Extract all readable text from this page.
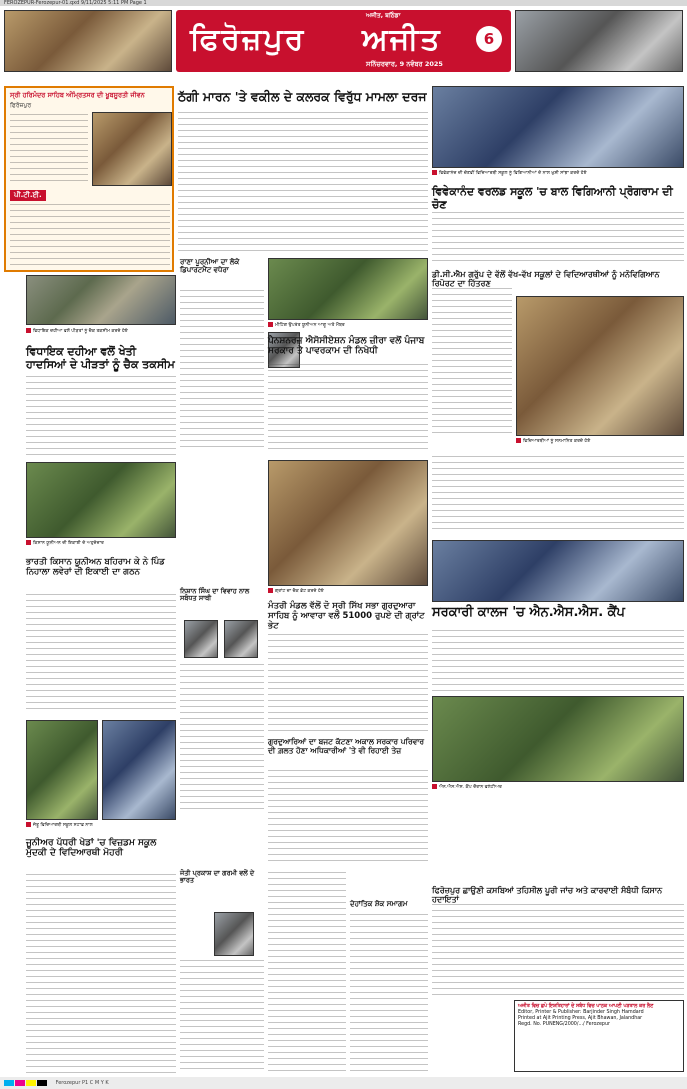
FEROZEPUR-Ferozepur-01.qxd 9/11/2025 5:11 PM Page 1
ਅਜੀਤ, ਬਠਿੰਡਾ
ਫਿਰੋਜ਼ਪੁਰ ਅਜੀਤ
ਸਨਿੱਚਰਵਾਰ, 9 ਨਵੰਬਰ 2025
6
ਸ੍ਰੀ ਹਰਿਮੰਦਰ ਸਾਹਿਬ ਅੰਮ੍ਰਿਤਸਰ ਦੀ ਖੂਬਸੂਰਤੀ ਜੀਵਨ
ਫਿਰੋਜ਼ਪੁਰ
ਪੀ.ਟੀ.ਈ.
ਠੱਗੀ ਮਾਰਨ 'ਤੇ ਵਕੀਲ ਦੇ ਕਲਰਕ ਵਿਰੁੱਧ ਮਾਮਲਾ ਦਰਜ
ਵਿਵੇਕਾਨੰਦ ਦੀ ਚੋਣਵੀਂ ਵਿਦਿਆਰਥੀ ਸਕੂਲ ਨੂੰ ਵਿਗਿਆਨੀਆਂ ਦੇ ਨਾਲ ਖ਼ੁਸ਼ੀ ਸਾਂਝਾ ਕਰਦੇ ਹੋਏ
ਵਿਵੇਕਾਨੰਦ ਵਰਲਡ ਸਕੂਲ 'ਚ ਬਾਲ ਵਿਗਿਆਨੀ ਪ੍ਰੋਗਰਾਮ ਦੀ ਚੋਣ
ਡੀ.ਸੀ.ਐਮ ਗਰੁੱਪ ਦੇ ਵੱਲੋਂ ਵੱਖ-ਵੱਖ ਸਕੂਲਾਂ ਦੇ ਵਿਦਿਆਰਥੀਆਂ ਨੂੰ ਮਨੋਵਿਗਿਆਨ ਰਿਪੋਰਟ ਦਾ ਹਿੱਤਰਣ
ਵਿਦਿਆਰਥੀਆਂ ਨੂੰ ਸਨਮਾਨਿਤ ਕਰਦੇ ਹੋਏ
ਵਿਧਾਇਕ ਦਹੀਆ ਵਲੋਂ ਪੀੜਤਾਂ ਨੂੰ ਚੈਕ ਤਕਸੀਮ ਕਰਦੇ ਹੋਏ
ਵਿਧਾਇਕ ਦਹੀਆ ਵਲੋਂ ਖੇਤੀ ਹਾਦਸਿਆਂ ਦੇ ਪੀੜਤਾਂ ਨੂੰ ਚੈਕ ਤਕਸੀਮ
ਰਾਣਾ ਪੂਰਨੀਆ ਦਾ ਲੋਕੇ ਡਿਪਾਰਟਮੈਂਟ ਵਧੇਰਾ
ਮੀਟਿੰਗ ਉਪਰੰਤ ਯੂਨੀਅਨ ਆਗੂ ਅਤੇ ਮੈਂਬਰ
ਪੈਨਸ਼ਨਰਜ਼ ਐਸੋਸੀਏਸ਼ਨ ਮੰਡਲ ਜ਼ੀਰਾ ਵਲੋਂ ਪੰਜਾਬ ਸਰਕਾਰ ਤੇ ਪਾਵਰਕਾਮ ਦੀ ਨਿਖੇਧੀ
ਕਿਸਾਨ ਯੂਨੀਅਨ ਦੀ ਇਕਾਈ ਦੇ ਅਹੁਦੇਦਾਰ
ਭਾਰਤੀ ਕਿਸਾਨ ਯੂਨੀਅਨ ਬਹਿਰਾਮ ਕੇ ਨੇ ਪਿੰਡ ਨਿਹਾਲਾ ਲਵੇਰਾਂ ਦੀ ਇਕਾਈ ਦਾ ਗਠਨ
ਨਿਸ਼ਾਨ ਸਿੰਘ ਦਾ ਵਿਵਾਹ ਨਾਲ ਸਬੰਧਤ ਸਾਥੀ
ਗ੍ਰਾਂਟ ਦਾ ਚੈਕ ਭੇਟ ਕਰਦੇ ਹੋਏ
ਮੰਤਰੀ ਮੰਡਲ ਵੱਲੋਂ ਦੋ ਸ੍ਰੀ ਸਿੱਖ ਸਭਾ ਗੁਰਦੁਆਰਾ ਸਾਹਿਬ ਨੂੰ ਆਵਾਰਾ ਵਲੋਂ 51000 ਰੁਪਏ ਦੀ ਗ੍ਰਾਂਟ ਭੇਟ
ਸਰਕਾਰੀ ਕਾਲਜ 'ਚ ਐਨ.ਐਸ.ਐਸ. ਕੈਂਪ
ਐਨ.ਐਸ.ਐਸ. ਕੈਂਪ ਦੌਰਾਨ ਵਲੰਟੀਅਰ
ਗੁਰਦੁਆਰਿਆਂ ਦਾ ਬਜਟ ਕੱਟਣਾ ਅਕਾਲ ਸਰਕਾਰ ਪਰਿਵਾਰ ਦੀ ਗ਼ਲਤ ਹੋਣਾ ਅਧਿਕਾਰੀਆਂ 'ਤੇ ਵੀ ਰਿਹਾਈ ਤੇਜ਼
ਦੇਹਾਂਤਿਕ ਸ਼ੋਕ ਸਮਾਗਮ
ਜੇਤੂ ਵਿਦਿਆਰਥੀ ਸਕੂਲ ਸਟਾਫ਼ ਨਾਲ
ਜੂਨੀਅਰ ਪੱਧਰੀ ਖੇਡਾਂ 'ਚ ਵਿਜ਼ਡਮ ਸਕੂਲ ਮੁੱਦਕੀ ਦੇ ਵਿਦਿਆਰਥੀ ਮੋਹਰੀ
ਜੋਤੀ ਪ੍ਰਕਾਸ਼ ਦਾ ਗਰਮੀ ਵਲੋਂ ਦੇ ਭਾਰਤ
ਫਿਰੋਜ਼ਪੁਰ ਛਾਉਣੀ ਕਸਬਿਆਂ ਤਹਿਸੀਲ ਪੂਰੀ ਜਾਂਚ ਅਤੇ ਕਾਰਵਾਈ ਸੰਬੰਧੀ ਕਿਸਾਨ ਹਦਾਇਤਾਂ
ਅਜੀਤ ਵਿਚ ਛਪੇ ਇਸ਼ਤਿਹਾਰਾਂ ਦੇ ਸਬੰਧ ਵਿਚ ਪਾਠਕ ਆਪਣੀ ਪੜਤਾਲ ਕਰ ਲੈਣ
Editor, Printer & Publisher: Barjinder Singh Hamdard
Printed at Ajit Printing Press, Ajit Bhawan, Jalandhar
Regd. No. PUNENG/2000/.../ Ferozepur
Ferozepur P1 C M Y K
